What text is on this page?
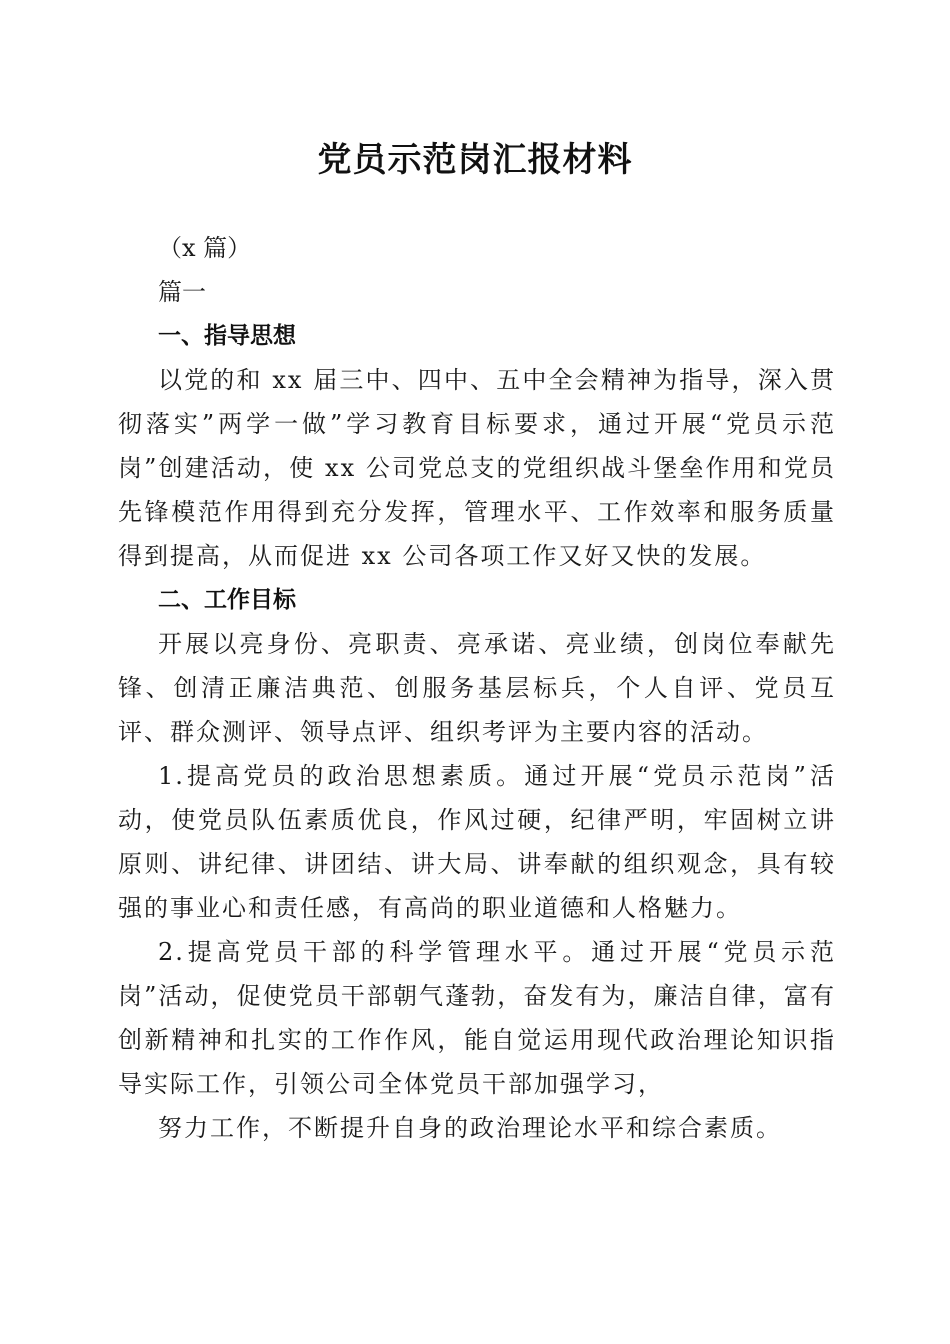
党员示范岗汇报材料

（x 篇）

篇一

一、指导思想

以党的和 xx 届三中、四中、五中全会精神为指导，深入贯彻落实”两学一做”学习教育目标要求，通过开展“党员示范岗”创建活动，使 xx 公司党总支的党组织战斗堡垒作用和党员先锋模范作用得到充分发挥，管理水平、工作效率和服务质量得到提高，从而促进 xx 公司各项工作又好又快的发展。

二、工作目标

开展以亮身份、亮职责、亮承诺、亮业绩，创岗位奉献先锋、创清正廉洁典范、创服务基层标兵，个人自评、党员互评、群众测评、领导点评、组织考评为主要内容的活动。

1.提高党员的政治思想素质。通过开展“党员示范岗”活动，使党员队伍素质优良，作风过硬，纪律严明，牢固树立讲原则、讲纪律、讲团结、讲大局、讲奉献的组织观念，具有较强的事业心和责任感，有高尚的职业道德和人格魅力。

2.提高党员干部的科学管理水平。通过开展“党员示范岗”活动，促使党员干部朝气蓬勃，奋发有为，廉洁自律，富有创新精神和扎实的工作作风，能自觉运用现代政治理论知识指导实际工作，引领公司全体党员干部加强学习，

努力工作，不断提升自身的政治理论水平和综合素质。
